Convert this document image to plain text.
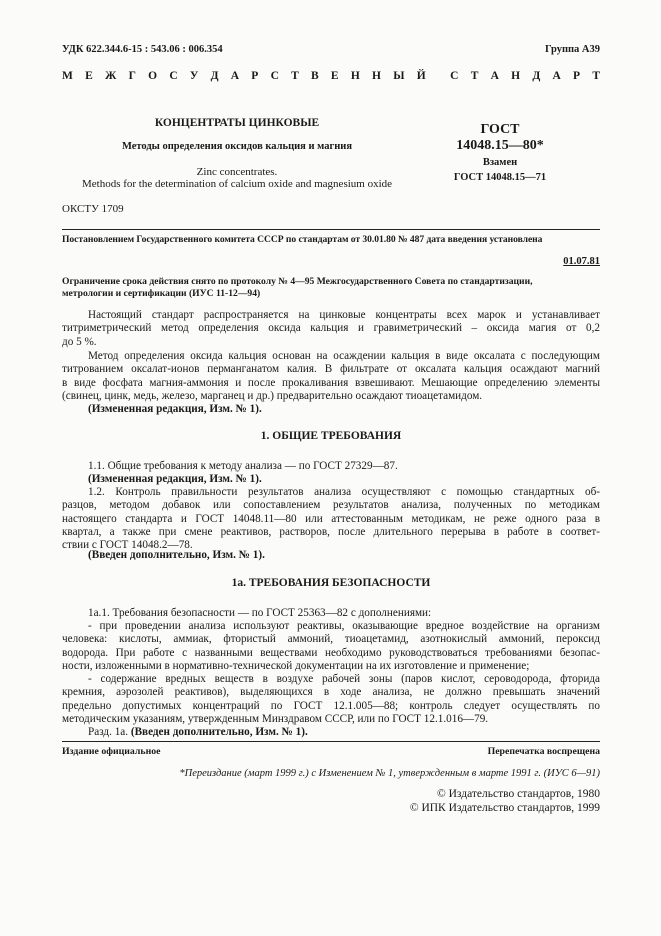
УДК 622.344.6-15 : 543.06 : 006.354	Группа А39
М Е Ж Г О С У Д А Р С Т В Е Н Н Ы Й С Т А Н Д А Р Т
КОНЦЕНТРАТЫ ЦИНКОВЫЕ
Методы определения оксидов кальция и магния
Zinc concentrates.
Methods for the determination of calcium oxide and magnesium oxide
ОКСТУ 1709
ГОСТ
14048.15—80*
Взамен
ГОСТ 14048.15—71
Постановлением Государственного комитета СССР по стандартам от 30.01.80 № 487 дата введения установлена
01.07.81
Ограничение срока действия снято по протоколу № 4—95 Межгосударственного Совета по стандартизации,
метрологии и сертификации (ИУС 11-12—94)
Настоящий стандарт распространяется на цинковые концентраты всех марок и устанавливает
титриметрический метод определения оксида кальция и гравиметрический – оксида магия от 0,2
до 5 %.
Метод определения оксида кальция основан на осаждении кальция в виде оксалата с последующим
титрованием оксалат-ионов перманганатом калия. В фильтрате от оксалата кальция осаждают магний
в виде фосфата магния-аммония и после прокаливания взвешивают. Мешающие определению элементы
(свинец, цинк, медь, железо, марганец и др.) предварительно осаждают тиоацетамидом.
(Измененная редакция, Изм. № 1).
1. ОБЩИЕ ТРЕБОВАНИЯ
1.1. Общие требования к методу анализа — по ГОСТ 27329—87.
(Измененная редакция, Изм. № 1).
1.2. Контроль правильности результатов анализа осуществляют с помощью стандартных об-
разцов, методом добавок или сопоставлением результатов анализа, полученных по методикам
настоящего стандарта и ГОСТ 14048.11—80 или аттестованным методикам, не реже одного раза в
квартал, а также при смене реактивов, растворов, после длительного перерыва в работе в соответ-
ствии с ГОСТ 14048.2—78.
(Введен дополнительно, Изм. № 1).
1а. ТРЕБОВАНИЯ БЕЗОПАСНОСТИ
1а.1. Требования безопасности — по ГОСТ 25363—82 с дополнениями:
- при проведении анализа используют реактивы, оказывающие вредное воздействие на организм
человека: кислоты, аммиак, фтористый аммоний, тиоацетамид, азотнокислый аммоний, пероксид
водорода. При работе с названными веществами необходимо руководствоваться требованиями безопас-
ности, изложенными в нормативно-технической документации на их изготовление и применение;
- содержание вредных веществ в воздухе рабочей зоны (паров кислот, сероводорода, фторида
кремния, аэрозолей реактивов), выделяющихся в ходе анализа, не должно превышать значений
предельно допустимых концентраций по ГОСТ 12.1.005—88; контроль следует осуществлять по
методическим указаниям, утвержденным Минздравом СССР, или по ГОСТ 12.1.016—79.
Разд. 1а. (Введен дополнительно, Изм. № 1).
Издание официальное	Перепечатка воспрещена
*Переиздание (март 1999 г.) с Изменением № 1, утвержденным в марте 1991 г. (ИУС 6—91)
© Издательство стандартов, 1980
© ИПК Издательство стандартов, 1999
